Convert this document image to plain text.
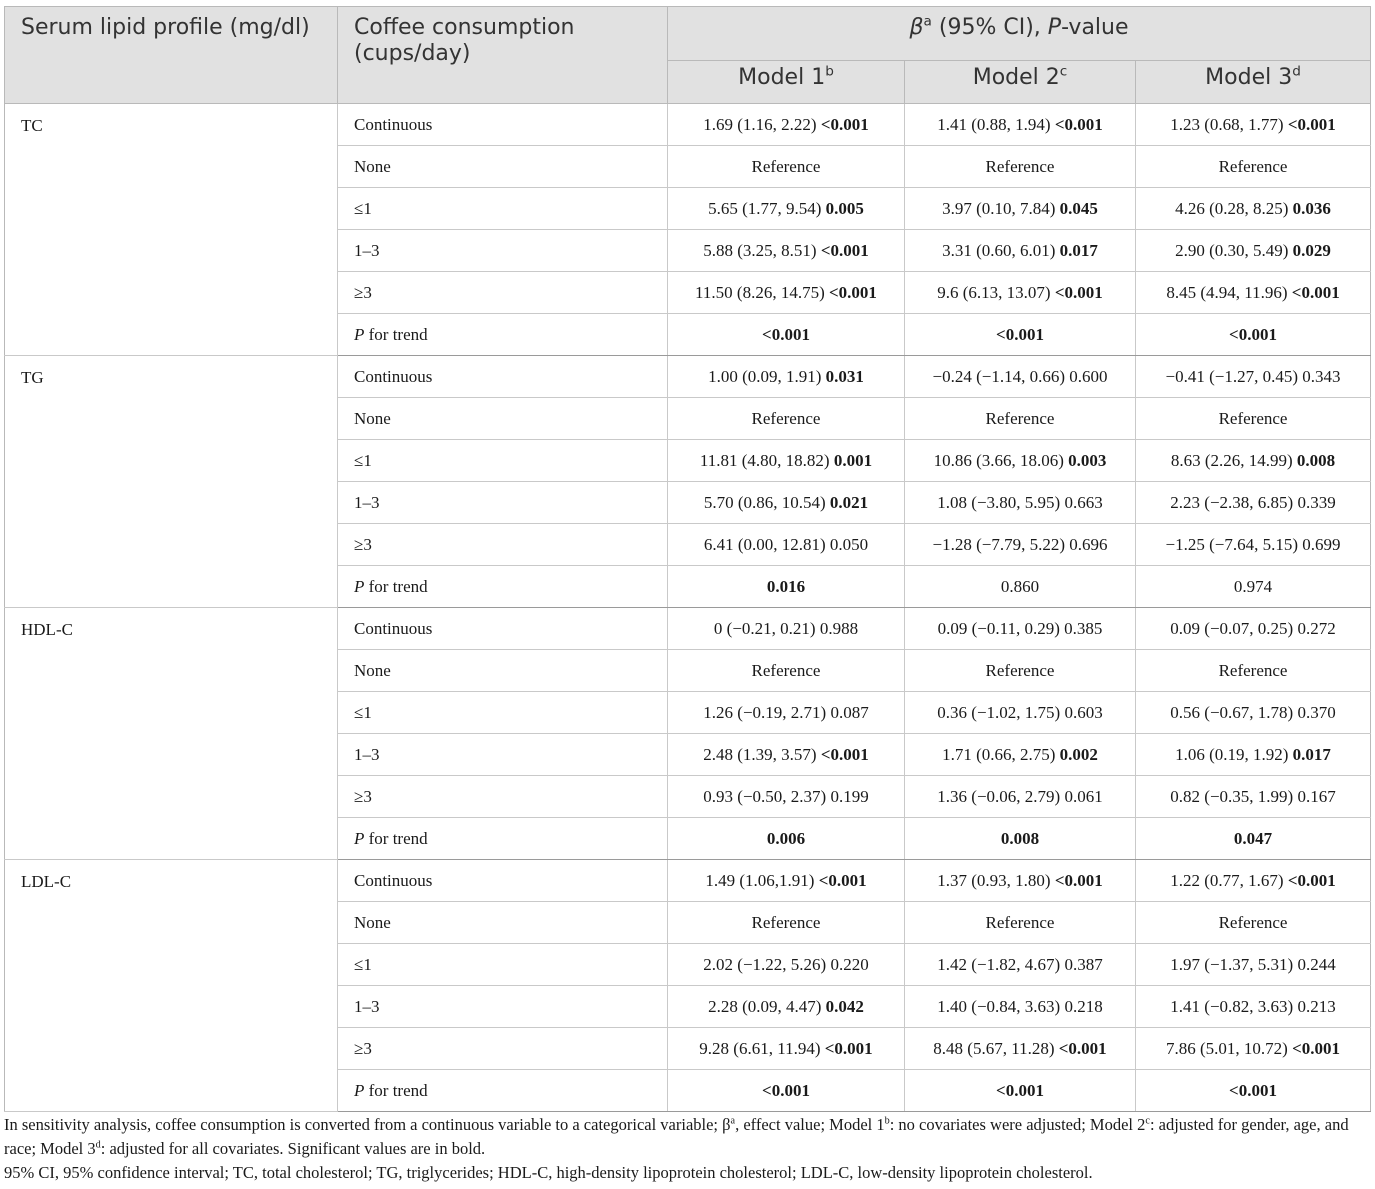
Serum lipid profile (mg/dl)	Coffee consumption (cups/day)	$\beta^a$ (95% CI), P-value		
		Model 1$^b$	Model 2$^c$	Model 3$^d$
TC	Continuous	1.69 (1.16, 2.22) <0.001	1.41 (0.88, 1.94) <0.001	1.23 (0.68, 1.77) <0.001
	None	Reference	Reference	Reference
	≤1	5.65 (1.77, 9.54) 0.005	3.97 (0.10, 7.84) 0.045	4.26 (0.28, 8.25) 0.036
	1–3	5.88 (3.25, 8.51) <0.001	3.31 (0.60, 6.01) 0.017	2.90 (0.30, 5.49) 0.029
	≥3	11.50 (8.26, 14.75) <0.001	9.6 (6.13, 13.07) <0.001	8.45 (4.94, 11.96) <0.001
	P for trend	<0.001	<0.001	<0.001
TG	Continuous	1.00 (0.09, 1.91) 0.031	−0.24 (−1.14, 0.66) 0.600	−0.41 (−1.27, 0.45) 0.343
	None	Reference	Reference	Reference
	≤1	11.81 (4.80, 18.82) 0.001	10.86 (3.66, 18.06) 0.003	8.63 (2.26, 14.99) 0.008
	1–3	5.70 (0.86, 10.54) 0.021	1.08 (−3.80, 5.95) 0.663	2.23 (−2.38, 6.85) 0.339
	≥3	6.41 (0.00, 12.81) 0.050	−1.28 (−7.79, 5.22) 0.696	−1.25 (−7.64, 5.15) 0.699
	P for trend	0.016	0.860	0.974
HDL-C	Continuous	0 (−0.21, 0.21) 0.988	0.09 (−0.11, 0.29) 0.385	0.09 (−0.07, 0.25) 0.272
	None	Reference	Reference	Reference
	≤1	1.26 (−0.19, 2.71) 0.087	0.36 (−1.02, 1.75) 0.603	0.56 (−0.67, 1.78) 0.370
	1–3	2.48 (1.39, 3.57) <0.001	1.71 (0.66, 2.75) 0.002	1.06 (0.19, 1.92) 0.017
	≥3	0.93 (−0.50, 2.37) 0.199	1.36 (−0.06, 2.79) 0.061	0.82 (−0.35, 1.99) 0.167
	P for trend	0.006	0.008	0.047
LDL-C	Continuous	1.49 (1.06,1.91) <0.001	1.37 (0.93, 1.80) <0.001	1.22 (0.77, 1.67) <0.001
	None	Reference	Reference	Reference
	≤1	2.02 (−1.22, 5.26) 0.220	1.42 (−1.82, 4.67) 0.387	1.97 (−1.37, 5.31) 0.244
	1–3	2.28 (0.09, 4.47) 0.042	1.40 (−0.84, 3.63) 0.218	1.41 (−0.82, 3.63) 0.213
	≥3	9.28 (6.61, 11.94) <0.001	8.48 (5.67, 11.28) <0.001	7.86 (5.01, 10.72) <0.001
	P for trend	<0.001	<0.001	<0.001

In sensitivity analysis, coffee consumption is converted from a continuous variable to a categorical variable; $\beta^a$, effect value; Model 1$^b$: no covariates were adjusted; Model 2$^c$: adjusted for gender, age, and race; Model 3$^d$: adjusted for all covariates. Significant values are in bold.

95% CI, 95% confidence interval; TC, total cholesterol; TG, triglycerides; HDL-C, high-density lipoprotein cholesterol; LDL-C, low-density lipoprotein cholesterol.
